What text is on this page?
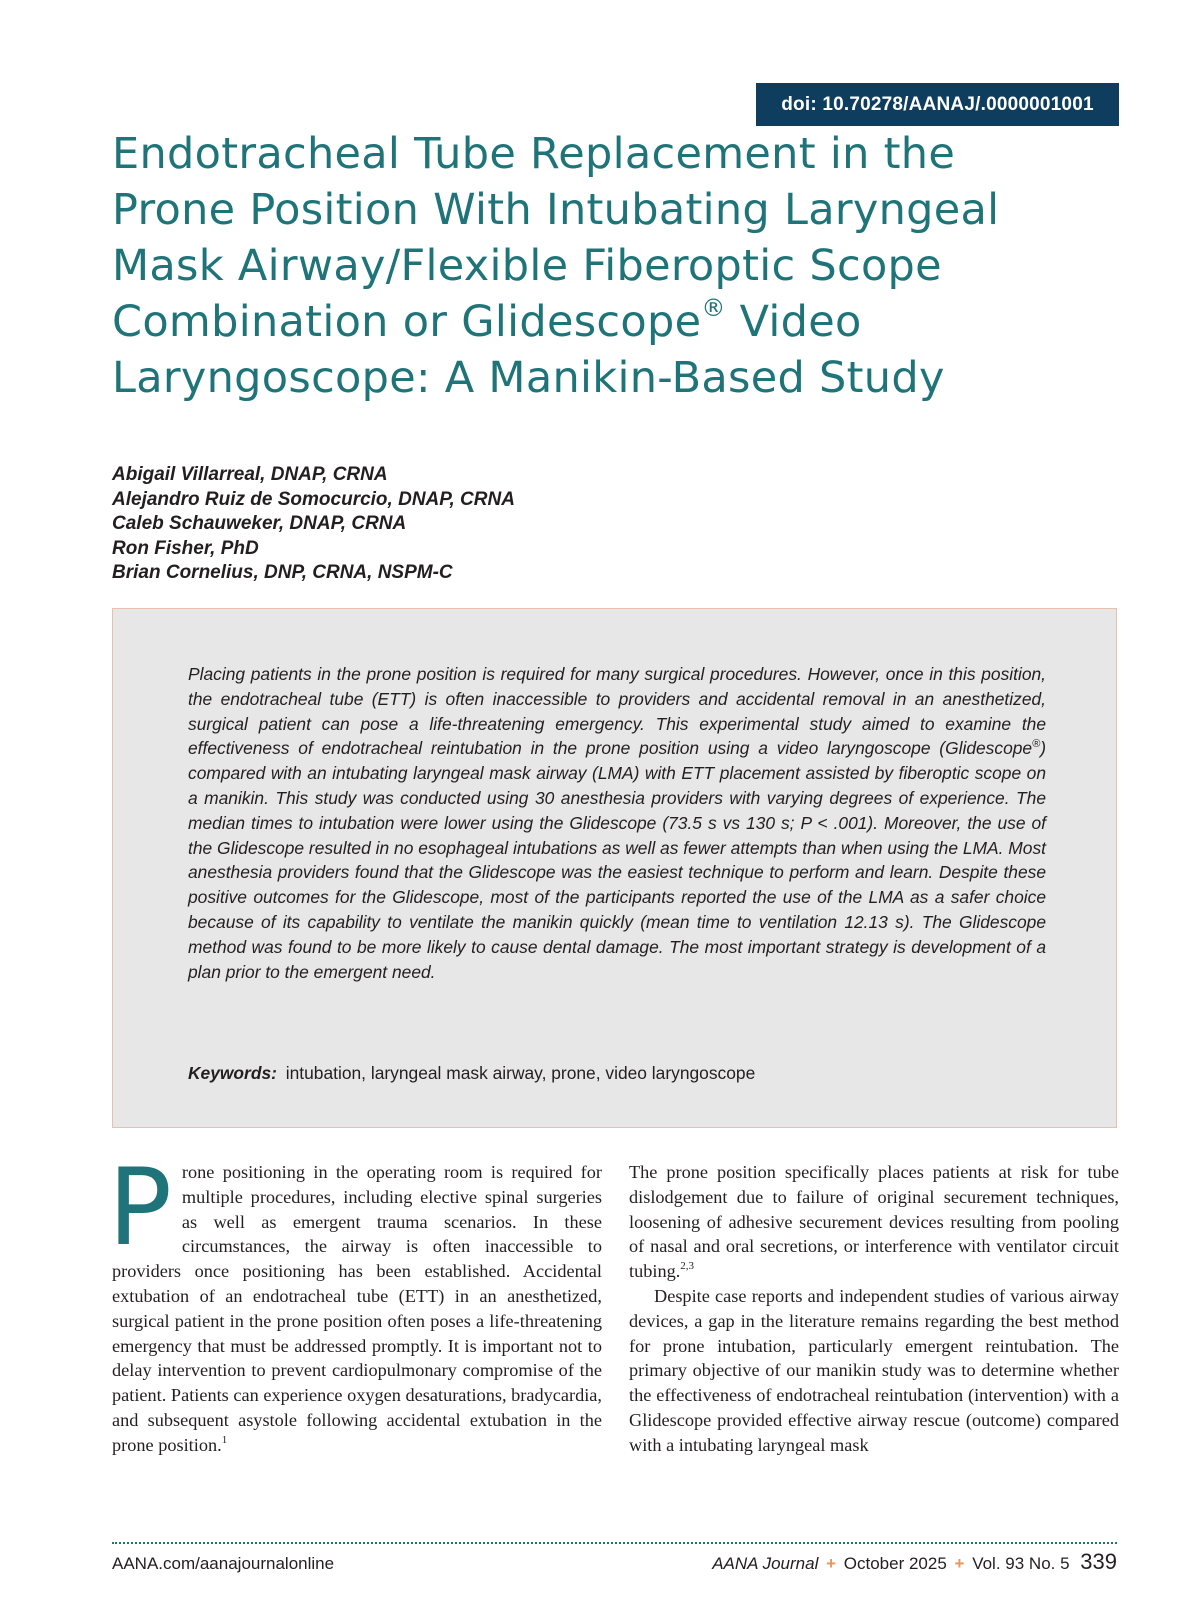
doi: 10.70278/AANAJ/.0000001001
Endotracheal Tube Replacement in the
Prone Position With Intubating Laryngeal
Mask Airway/Flexible Fiberoptic Scope
Combination or Glidescope® Video
Laryngoscope: A Manikin-Based Study
Abigail Villarreal, DNAP, CRNA
Alejandro Ruiz de Somocurcio, DNAP, CRNA
Caleb Schauweker, DNAP, CRNA
Ron Fisher, PhD
Brian Cornelius, DNP, CRNA, NSPM-C

Placing patients in the prone position is required for many surgical procedures. However, once in this position, the endotracheal tube (ETT) is often inaccessible to providers and accidental removal in an anesthetized, surgical patient can pose a life-threatening emergency. This experimental study aimed to examine the effectiveness of endotracheal reintubation in the prone position using a video laryngoscope (Glidescope®) compared with an intubating laryngeal mask airway (LMA) with ETT placement assisted by fiberoptic scope on a manikin. This study was conducted using 30 anesthesia providers with varying degrees of experience. The median times to intubation were lower using the Glidescope (73.5 s vs 130 s; P < .001). Moreover, the use of the Glidescope resulted in no esophageal intubations as well as fewer attempts than when using the LMA. Most anesthesia providers found that the Glidescope was the easiest technique to perform and learn. Despite these positive outcomes for the Glidescope, most of the participants reported the use of the LMA as a safer choice because of its capability to ventilate the manikin quickly (mean time to ventilation 12.13 s). The Glidescope method was found to be more likely to cause dental damage. The most important strategy is development of a plan prior to the emergent need.

Keywords: intubation, laryngeal mask airway, prone, video laryngoscope

Prone positioning in the operating room is required for multiple procedures, including elective spinal surgeries as well as emergent trauma scenarios. In these circumstances, the airway is often inaccessible to providers once positioning has been established. Accidental extubation of an endotracheal tube (ETT) in an anesthetized, surgical patient in the prone position often poses a life-threatening emergency that must be addressed promptly. It is important not to delay intervention to prevent cardiopulmonary compromise of the patient. Patients can experience oxygen desaturations, bradycardia, and subsequent asystole following accidental extubation in the prone position.$^1$

The prone position specifically places patients at risk for tube dislodgement due to failure of original securement techniques, loosening of adhesive securement devices resulting from pooling of nasal and oral secretions, or interference with ventilator circuit tubing.$^{2,3}$

Despite case reports and independent studies of various airway devices, a gap in the literature remains regarding the best method for prone intubation, particularly emergent reintubation. The primary objective of our manikin study was to determine whether the effectiveness of endotracheal reintubation (intervention) with a Glidescope provided effective airway rescue (outcome) compared with a intubating laryngeal mask

AANA.com/aanajournalonline	AANA Journal + October 2025 + Vol. 93 No. 5 339
